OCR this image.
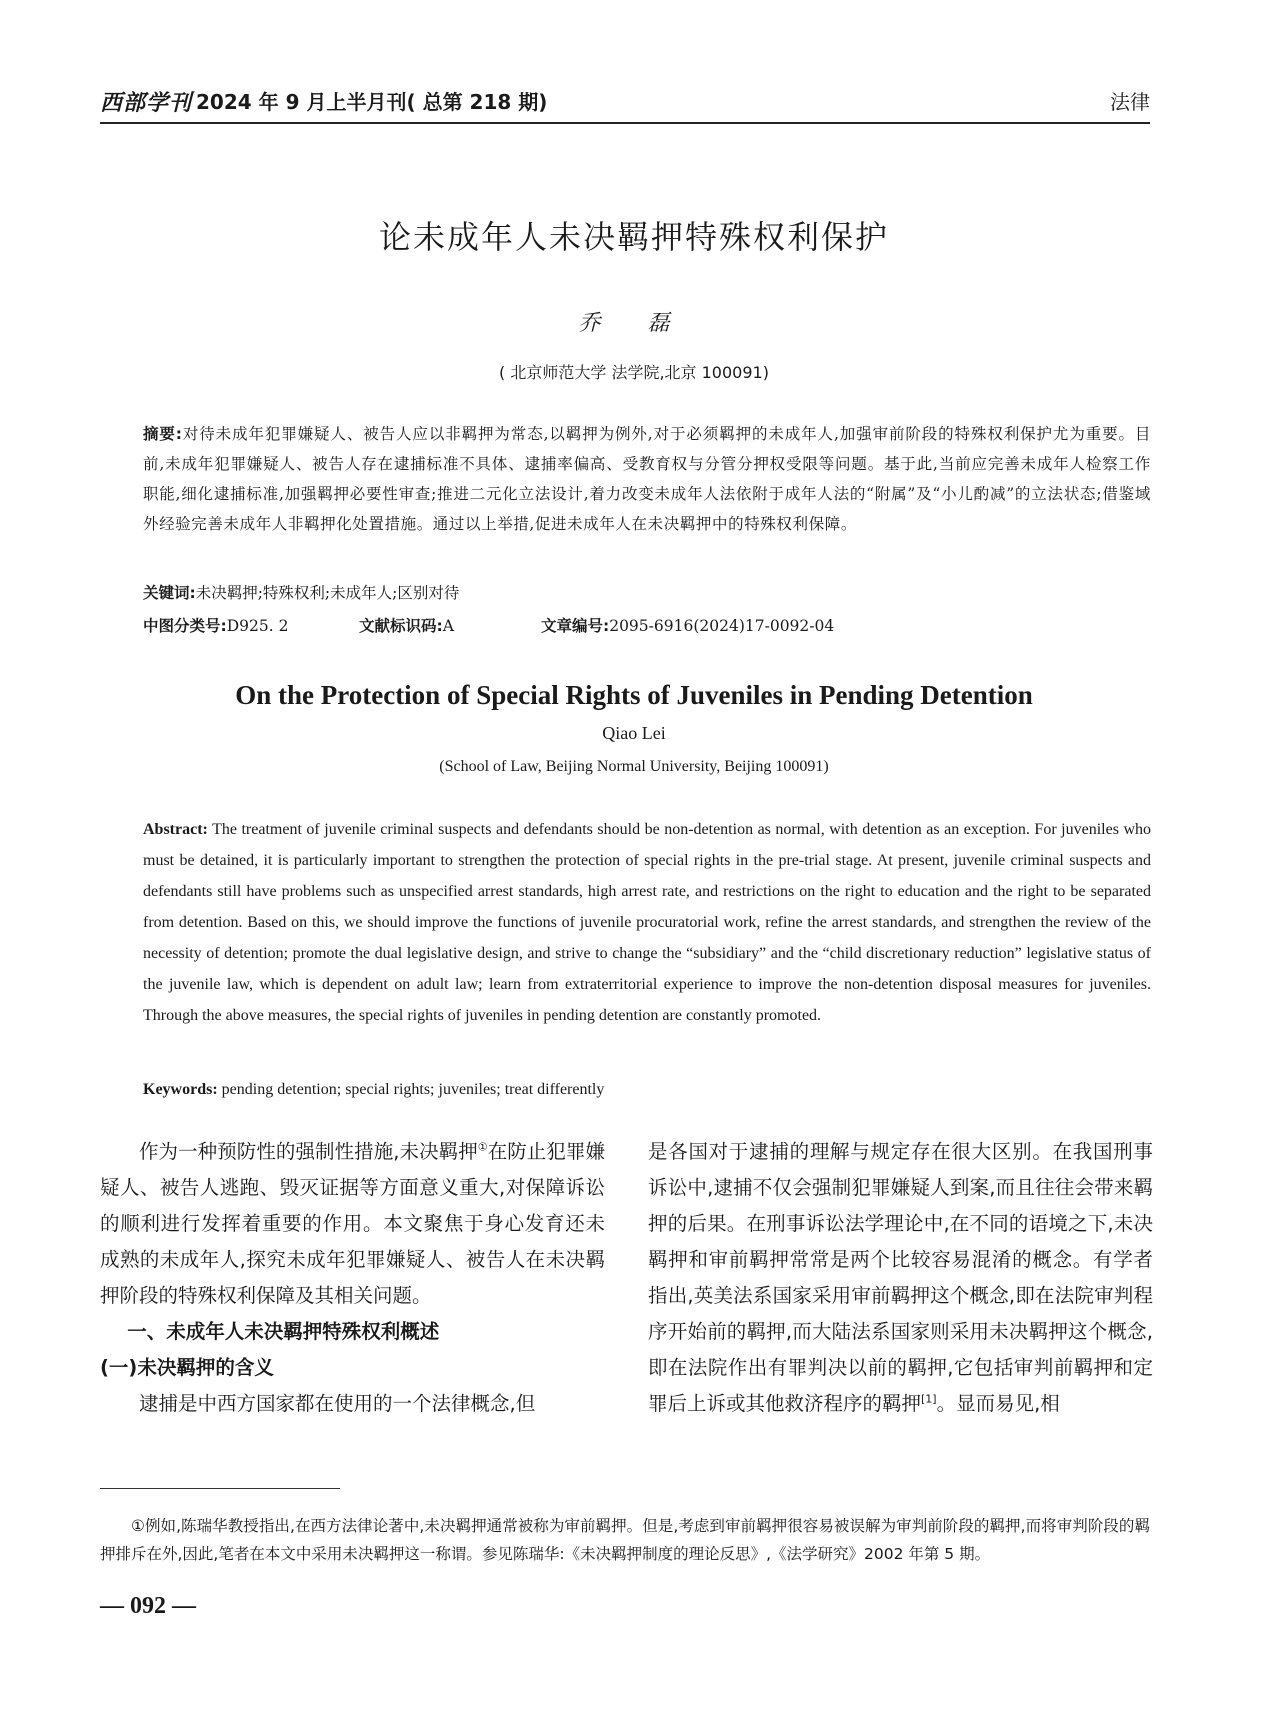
西部学刊 2024 年 9 月上半月刊( 总第 218 期)	法律
论未成年人未决羁押特殊权利保护
乔 磊
( 北京师范大学 法学院,北京 100091)
摘要:对待未成年犯罪嫌疑人、被告人应以非羁押为常态,以羁押为例外,对于必须羁押的未成年人,加强审前阶段的特殊权利保护尤为重要。目前,未成年犯罪嫌疑人、被告人存在逮捕标准不具体、逮捕率偏高、受教育权与分管分押权受限等问题。基于此,当前应完善未成年人检察工作职能,细化逮捕标准,加强羁押必要性审查;推进二元化立法设计,着力改变未成年人法依附于成年人法的“附属”及“小儿酌减”的立法状态;借鉴域外经验完善未成年人非羁押化处置措施。通过以上举措,促进未成年人在未决羁押中的特殊权利保障。
关键词:未决羁押;特殊权利;未成年人;区别对待
中图分类号:D925. 2	文献标识码:A	文章编号:2095-6916(2024)17-0092-04
On the Protection of Special Rights of Juveniles in Pending Detention
Qiao Lei
(School of Law, Beijing Normal University, Beijing 100091)
Abstract: The treatment of juvenile criminal suspects and defendants should be non-detention as normal, with detention as an exception. For juveniles who must be detained, it is particularly important to strengthen the protection of special rights in the pre-trial stage. At present, juvenile criminal suspects and defendants still have problems such as unspecified arrest standards, high arrest rate, and restrictions on the right to education and the right to be separated from detention. Based on this, we should improve the functions of juvenile procuratorial work, refine the arrest standards, and strengthen the review of the necessity of detention; promote the dual legislative design, and strive to change the “subsidiary” and the “child discretionary reduction” legislative status of the juvenile law, which is dependent on adult law; learn from extraterritorial experience to improve the non-detention disposal measures for juveniles. Through the above measures, the special rights of juveniles in pending detention are constantly promoted.
Keywords: pending detention; special rights; juveniles; treat differently

作为一种预防性的强制性措施,未决羁押①在防止犯罪嫌疑人、被告人逃跑、毁灭证据等方面意义重大,对保障诉讼的顺利进行发挥着重要的作用。本文聚焦于身心发育还未成熟的未成年人,探究未成年犯罪嫌疑人、被告人在未决羁押阶段的特殊权利保障及其相关问题。

一、未成年人未决羁押特殊权利概述

(一)未决羁押的含义

逮捕是中西方国家都在使用的一个法律概念,但

是各国对于逮捕的理解与规定存在很大区别。在我国刑事诉讼中,逮捕不仅会强制犯罪嫌疑人到案,而且往往会带来羁押的后果。在刑事诉讼法学理论中,在不同的语境之下,未决羁押和审前羁押常常是两个比较容易混淆的概念。有学者指出,英美法系国家采用审前羁押这个概念,即在法院审判程序开始前的羁押,而大陆法系国家则采用未决羁押这个概念,即在法院作出有罪判决以前的羁押,它包括审判前羁押和定罪后上诉或其他救济程序的羁押[1]。显而易见,相

①例如,陈瑞华教授指出,在西方法律论著中,未决羁押通常被称为审前羁押。但是,考虑到审前羁押很容易被误解为审判前阶段的羁押,而将审判阶段的羁押排斥在外,因此,笔者在本文中采用未决羁押这一称谓。参见陈瑞华:《未决羁押制度的理论反思》,《法学研究》2002 年第 5 期。
— 092 —
